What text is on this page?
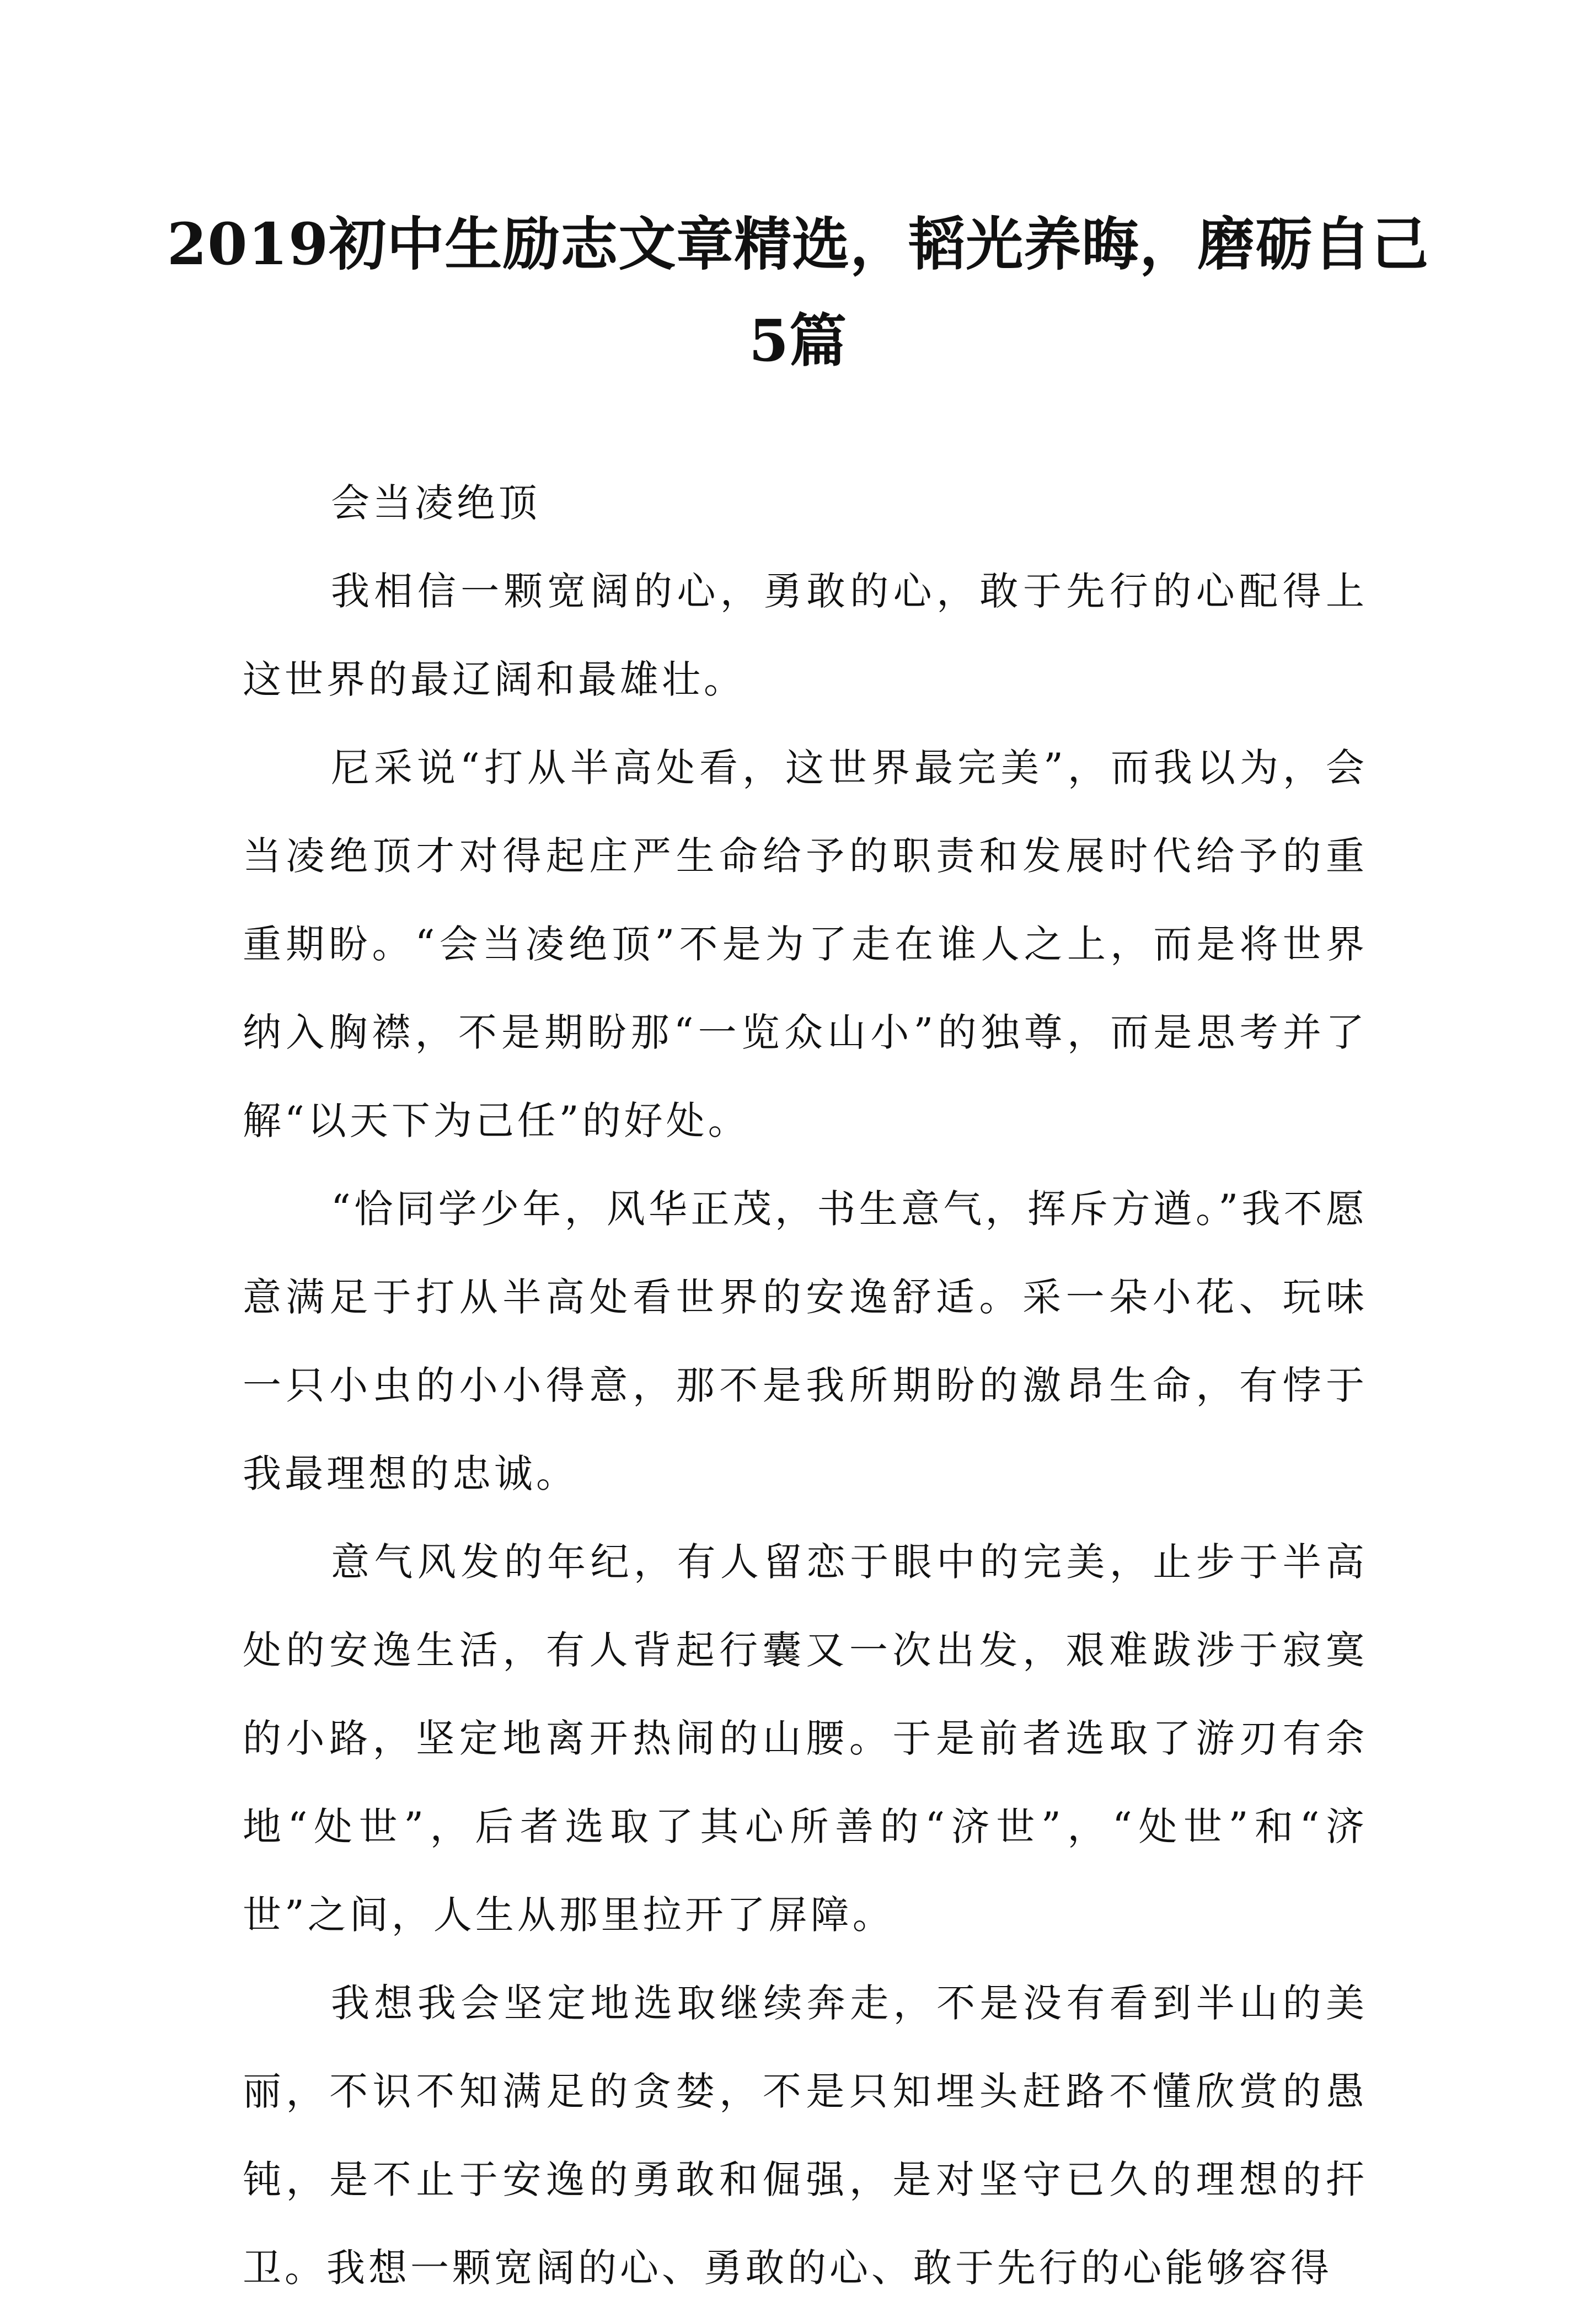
2019初中生励志文章精选，韬光养晦，磨砺自己5篇

会当凌绝顶

我相信一颗宽阔的心，勇敢的心，敢于先行的心配得上这世界的最辽阔和最雄壮。

尼采说“打从半高处看，这世界最完美”，而我以为，会当凌绝顶才对得起庄严生命给予的职责和发展时代给予的重重期盼。“会当凌绝顶”不是为了走在谁人之上，而是将世界纳入胸襟，不是期盼那“一览众山小”的独尊，而是思考并了解“以天下为己任”的好处。

“恰同学少年，风华正茂，书生意气，挥斥方遒。”我不愿意满足于打从半高处看世界的安逸舒适。采一朵小花、玩味一只小虫的小小得意，那不是我所期盼的激昂生命，有悖于我最理想的忠诚。

意气风发的年纪，有人留恋于眼中的完美，止步于半高处的安逸生活，有人背起行囊又一次出发，艰难跋涉于寂寞的小路，坚定地离开热闹的山腰。于是前者选取了游刃有余地“处世”，后者选取了其心所善的“济世”，“处世”和“济世”之间，人生从那里拉开了屏障。

我想我会坚定地选取继续奔走，不是没有看到半山的美丽，不识不知满足的贪婪，不是只知埋头赶路不懂欣赏的愚钝，是不止于安逸的勇敢和倔强，是对坚守已久的理想的扞卫。我想一颗宽阔的心、勇敢的心、敢于先行的心能够容得
